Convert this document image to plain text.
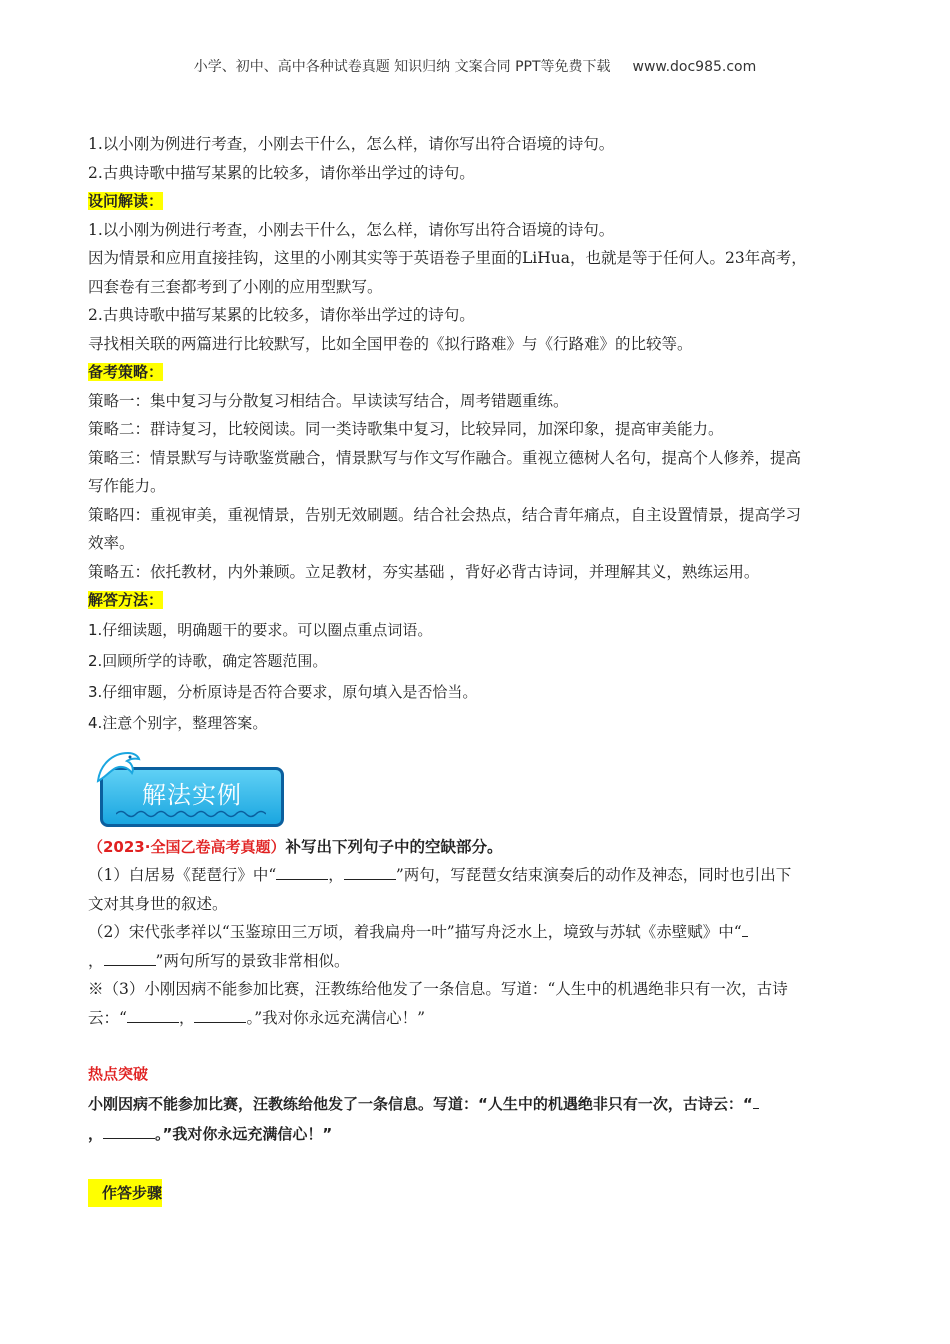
小学、初中、高中各种试卷真题 知识归纳 文案合同 PPT等免费下载 www.doc985.com
1.以小刚为例进行考查，小刚去干什么，怎么样，请你写出符合语境的诗句。
2.古典诗歌中描写某累的比较多，请你举出学过的诗句。
设问解读：
1.以小刚为例进行考查，小刚去干什么，怎么样，请你写出符合语境的诗句。
因为情景和应用直接挂钩，这里的小刚其实等于英语卷子里面的LiHua，也就是等于任何人。23年高考，
四套卷有三套都考到了小刚的应用型默写。
2.古典诗歌中描写某累的比较多，请你举出学过的诗句。
寻找相关联的两篇进行比较默写，比如全国甲卷的《拟行路难》与《行路难》的比较等。
备考策略：
策略一：集中复习与分散复习相结合。早读读写结合，周考错题重练。
策略二：群诗复习，比较阅读。同一类诗歌集中复习，比较异同，加深印象，提高审美能力。
策略三：情景默写与诗歌鉴赏融合，情景默写与作文写作融合。重视立德树人名句，提高个人修养，提高
写作能力。
策略四：重视审美，重视情景，告别无效刷题。结合社会热点，结合青年痛点，自主设置情景，提高学习
效率。
策略五：依托教材，内外兼顾。立足教材，夯实基础 ，背好必背古诗词，并理解其义，熟练运用。
解答方法：
1.仔细读题，明确题干的要求。可以圈点重点词语。
2.回顾所学的诗歌，确定答题范围。
3.仔细审题，分析原诗是否符合要求，原句填入是否恰当。
4.注意个别字，整理答案。
解法实例
（2023·全国乙卷高考真题）补写出下列句子中的空缺部分。
（1）白居易《琵琶行》中“	，	”两句，写琵琶女结束演奏后的动作及神态，同时也引出下
文对其身世的叙述。
（2）宋代张孝祥以“玉鉴琼田三万顷，着我扁舟一叶”描写舟泛水上，境致与苏轼《赤壁赋》中“
，	”两句所写的景致非常相似。
※（3）小刚因病不能参加比赛，汪教练给他发了一条信息。写道：“人生中的机遇绝非只有一次，古诗
云：“	，	。”我对你永远充满信心！”
热点突破
小刚因病不能参加比赛，汪教练给他发了一条信息。写道：“人生中的机遇绝非只有一次，古诗云：“
，	。”我对你永远充满信心！”
作答步骤
